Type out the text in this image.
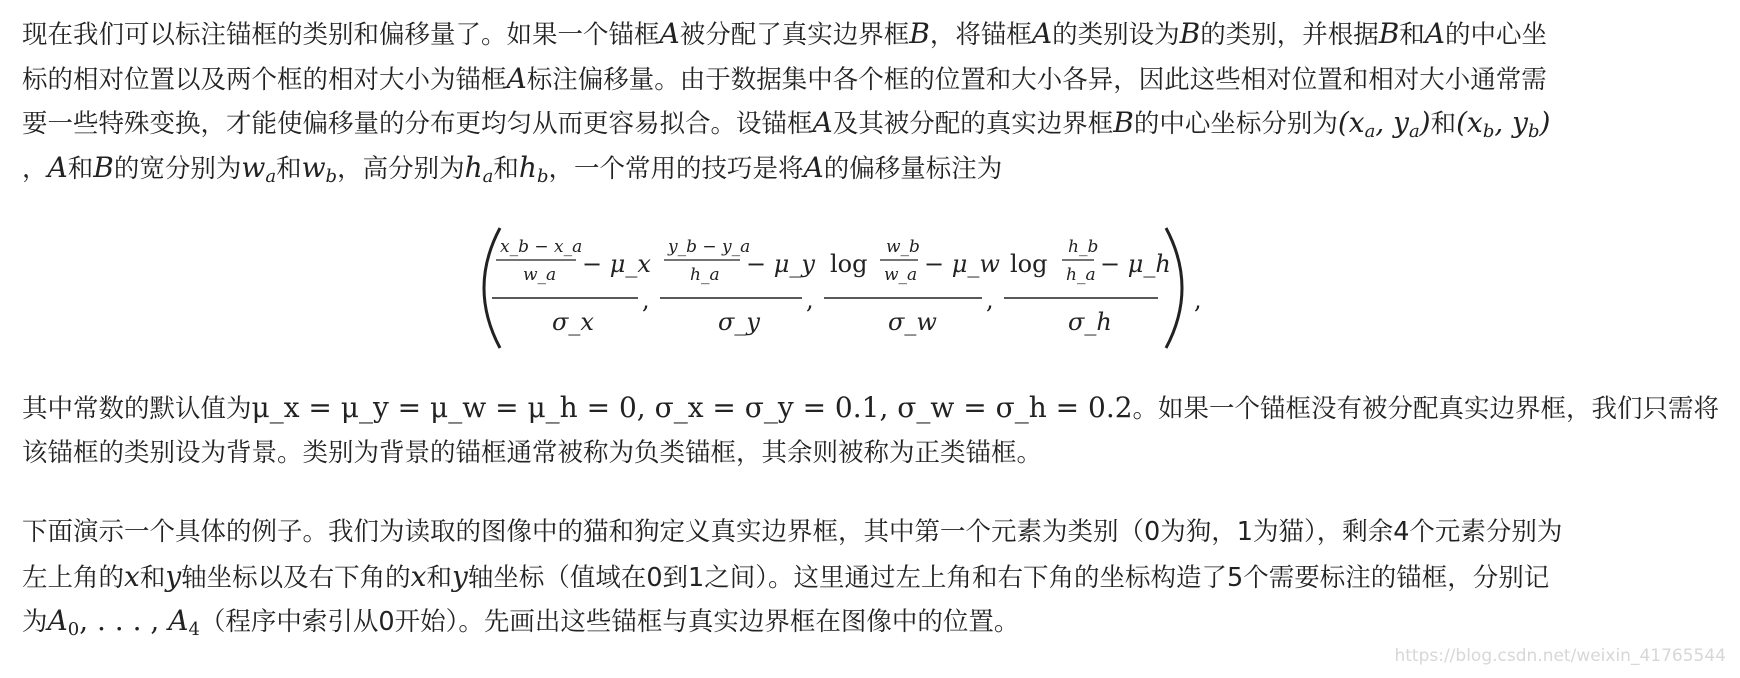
现在我们可以标注锚框的类别和偏移量了。如果一个锚框A被分配了真实边界框B，将锚框A的类别设为B的类别，并根据B和A的中心坐
标的相对位置以及两个框的相对大小为锚框A标注偏移量。由于数据集中各个框的位置和大小各异，因此这些相对位置和相对大小通常需
要一些特殊变换，才能使偏移量的分布更均匀从而更容易拟合。设锚框A及其被分配的真实边界框B的中心坐标分别为($x_a$, $y_a$)和($x_b$, $y_b$)
，A和B的宽分别为$w_a$和$w_b$，高分别为$h_a$和$h_b$，一个常用的技巧是将A的偏移量标注为
x_b − x_a
w_a − μ_x
σ_x
,
y_b − y_a
h_a − μ_y
σ_y
,
log
w_b
w_a − μ_w
σ_w
,
log
h_b
h_a − μ_h
σ_h
,
其中常数的默认值为μ_x = μ_y = μ_w = μ_h = 0, σ_x = σ_y = 0.1, σ_w = σ_h = 0.2。如果一个锚框没有被分配真实边界框，我们只需将
该锚框的类别设为背景。类别为背景的锚框通常被称为负类锚框，其余则被称为正类锚框。
下面演示一个具体的例子。我们为读取的图像中的猫和狗定义真实边界框，其中第一个元素为类别（0为狗，1为猫），剩余4个元素分别为
左上角的x和y轴坐标以及右下角的x和y轴坐标（值域在0到1之间）。这里通过左上角和右下角的坐标构造了5个需要标注的锚框，分别记
为$A_0$, . . . , $A_4$（程序中索引从0开始）。先画出这些锚框与真实边界框在图像中的位置。
https://blog.csdn.net/weixin_41765544
